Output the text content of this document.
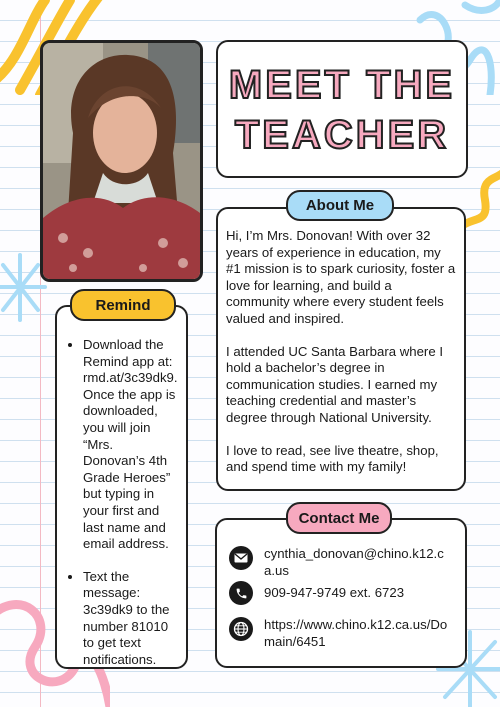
MEET THE
TEACHER

Hi, I’m Mrs. Donovan! With over 32 years of experience in education, my #1 mission is to spark curiosity, foster a love for learning, and build a community where every student feels valued and inspired.

I attended UC Santa Barbara where I hold a bachelor’s degree in communication studies. I earned my teaching credential and master’s degree through National University.

I love to read, see live theatre, shop, and spend time with my family!

About Me
• Download the Remind app at: rmd.at/3c39dk9. Once the app is downloaded, you will join “Mrs. Donovan’s 4th Grade Heroes” but typing in your first and last name and email address.
• Text the message: 3c39dk9 to the number 81010 to get text notifications.
Remind
cynthia_donovan@chino.k12.ca.us
909-947-9749 ext. 6723
https://www.chino.k12.ca.us/Domain/6451
Contact Me
